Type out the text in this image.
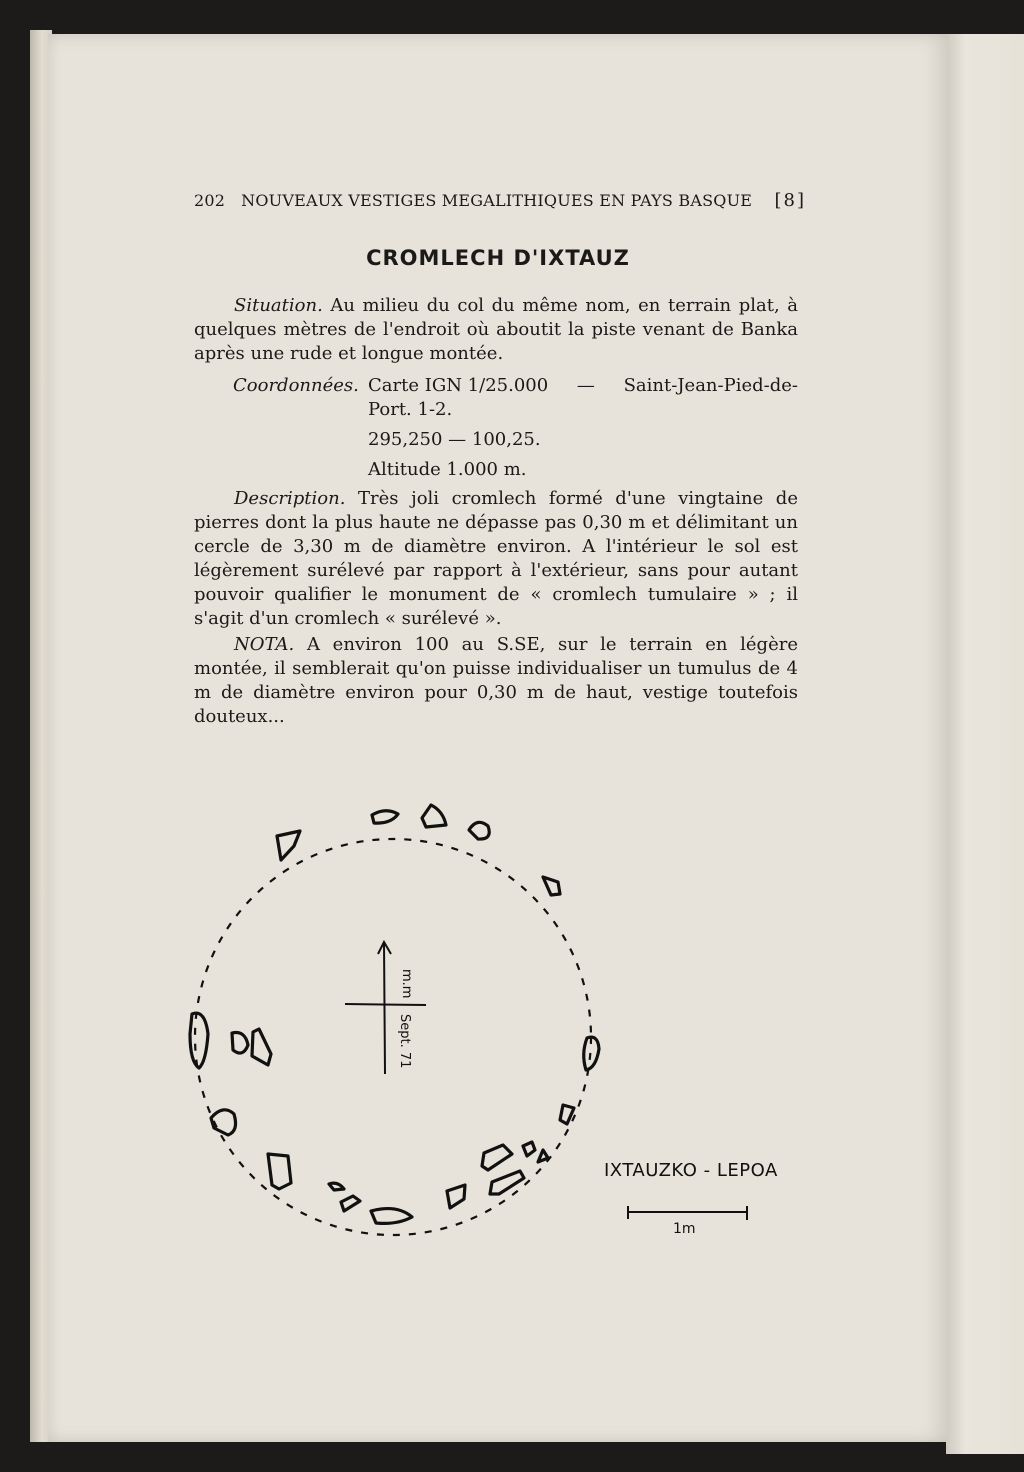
202 NOUVEAUX VESTIGES MEGALITHIQUES EN PAYS BASQUE [8]
CROMLECH D'IXTAUZ

Situation. Au milieu du col du même nom, en terrain plat, à quelques mètres de l'endroit où aboutit la piste venant de Banka après une rude et longue montée.

Coordonnées. Carte IGN 1/25.000 — Saint-Jean-Pied-de-
Port. 1-2.
295,250 — 100,25.
Altitude 1.000 m.

Description. Très joli cromlech formé d'une vingtaine de pierres dont la plus haute ne dépasse pas 0,30 m et délimitant un cercle de 3,30 m de diamètre environ. A l'intérieur le sol est légèrement surélevé par rapport à l'extérieur, sans pour autant pouvoir qualifier le monument de « cromlech tumulaire » ; il s'agit d'un cromlech « surélevé ».

NOTA. A environ 100 au S.SE, sur le terrain en légère montée, il semblerait qu'on puisse individualiser un tumulus de 4 m de diamètre environ pour 0,30 m de haut, vestige toutefois douteux...

m.m
Sept. 71
IXTAUZKO - LEPOA
1m
